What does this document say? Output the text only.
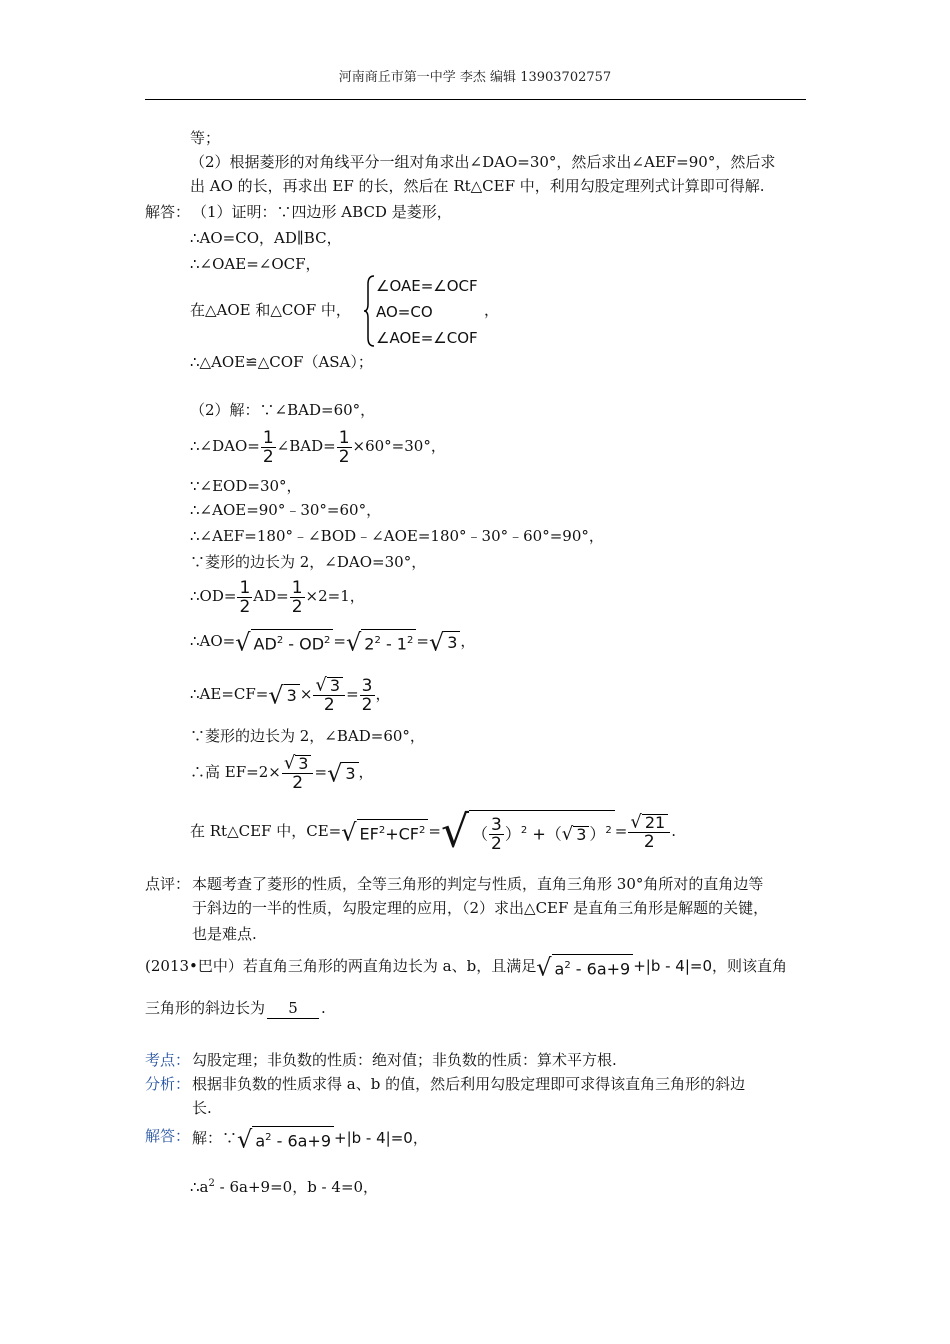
河南商丘市第一中学 李杰 编辑 13903702757
等；
（2）根据菱形的对角线平分一组对角求出∠DAO=30°，然后求出∠AEF=90°，然后求
出 AO 的长，再求出 EF 的长，然后在 Rt△CEF 中，利用勾股定理列式计算即可得解.
解答： （1）证明：∵四边形 ABCD 是菱形，
∴AO=CO，AD∥BC，
∴∠OAE=∠OCF，
在△AOE 和△COF 中，
∠OAE=∠OCF
AO=CO
∠AOE=∠COF
，
∴△AOE≌△COF（ASA）；
（2）解：∵∠BAD=60°，
∴∠DAO= $\frac{1}{2}$ ∠BAD= $\frac{1}{2} \times 60^\circ=30^\circ$，
∵∠EOD=30°，
∴∠AOE=90°﹣30°=60°，
∴∠AEF=180°﹣∠BOD﹣∠AOE=180°﹣30°﹣60°=90°，
∵菱形的边长为 2，∠DAO=30°，
∴OD= $\frac{1}{2} AD= \frac{1}{2} \times 2=1$，
∴AO=√ $AD^2 - OD^2$ =√ $2^2 - 1^2$ =√ 3 ，
∴AE=CF=√ $3 \times \frac{√ 3}{2} = \frac{3}{2}$ ，
∵菱形的边长为 2，∠BAD=60°，
∴高 $EF=2\times \frac{√ 3}{2}$ =√ 3 ，
在 Rt△CEF 中，CE=√ $EF^2+CF^2$ =√ （ $\frac{3}{2} )^2$ +（√ 3 ）$^2 = \frac{√ 21}{2}$ .
点评： 本题考查了菱形的性质，全等三角形的判定与性质，直角三角形 30°角所对的直角边等
于斜边的一半的性质，勾股定理的应用，（2）求出△CEF 是直角三角形是解题的关键，
也是难点.
(2013•巴中）若直角三角形的两直角边长为 a、b，且满足√ $a^2 - 6a+9 +|b - 4|=0$，则该直角
三角形的斜边长为 5 .
考点： 勾股定理；非负数的性质：绝对值；非负数的性质：算术平方根.
分析： 根据非负数的性质求得 a、b 的值，然后利用勾股定理即可求得该直角三角形的斜边
长.
解答： 解：∵√ $a^2 - 6a+9 +|b - 4|=0$，
$\therefore a^2 - 6a+9=0$，b - 4=0，
